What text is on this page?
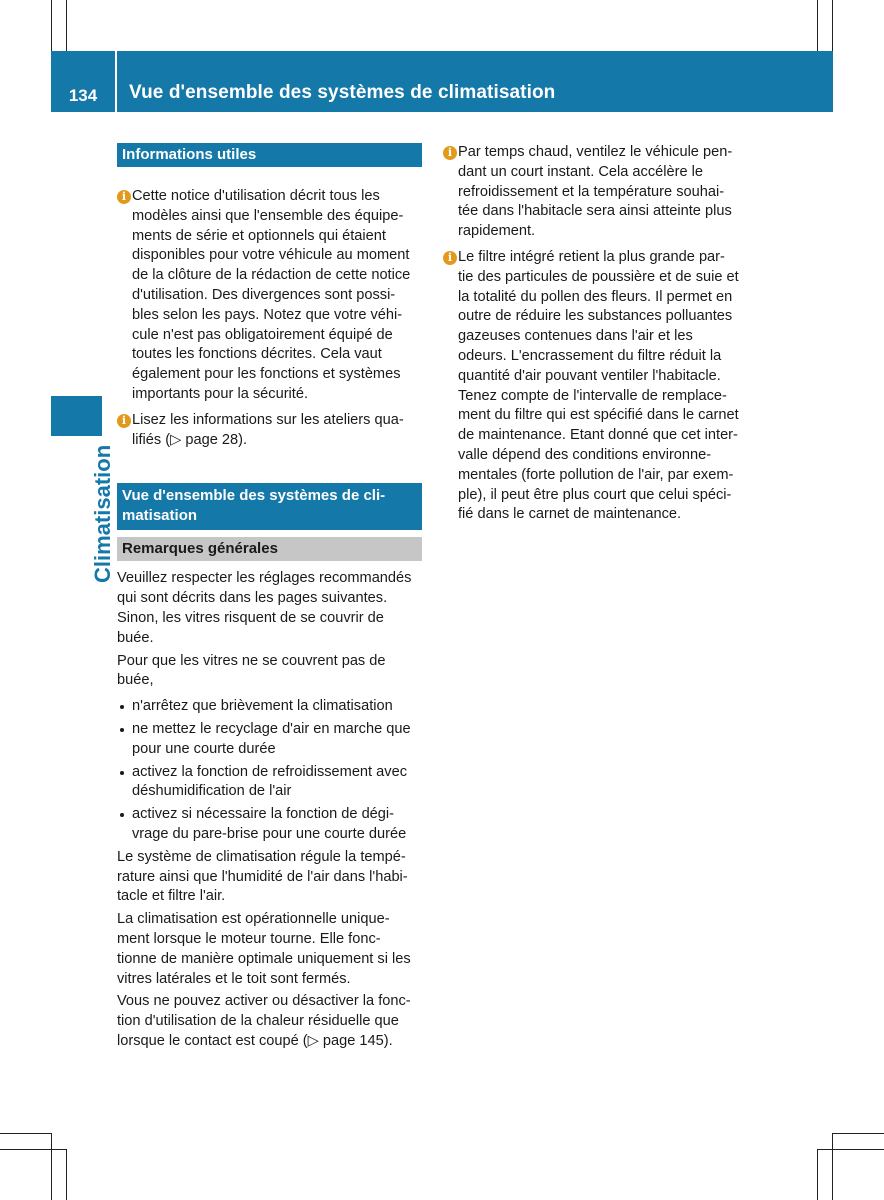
134	Vue d'ensemble des systèmes de climatisation
Climatisation
Informations utiles
i Cette notice d'utilisation décrit tous les
modèles ainsi que l'ensemble des équipe-
ments de série et optionnels qui étaient
disponibles pour votre véhicule au moment
de la clôture de la rédaction de cette notice
d'utilisation. Des divergences sont possi-
bles selon les pays. Notez que votre véhi-
cule n'est pas obligatoirement équipé de
toutes les fonctions décrites. Cela vaut
également pour les fonctions et systèmes
importants pour la sécurité.
i Lisez les informations sur les ateliers qua-
lifiés (▷ page 28).
Vue d'ensemble des systèmes de cli-
matisation
Remarques générales

Veuillez respecter les réglages recommandés
qui sont décrits dans les pages suivantes.
Sinon, les vitres risquent de se couvrir de
buée.

Pour que les vitres ne se couvrent pas de
buée,

n'arrêtez que brièvement la climatisation
ne mettez le recyclage d'air en marche que
pour une courte durée
activez la fonction de refroidissement avec
déshumidification de l'air
activez si nécessaire la fonction de dégi-
vrage du pare-brise pour une courte durée

Le système de climatisation régule la tempé-
rature ainsi que l'humidité de l'air dans l'habi-
tacle et filtre l'air.

La climatisation est opérationnelle unique-
ment lorsque le moteur tourne. Elle fonc-
tionne de manière optimale uniquement si les
vitres latérales et le toit sont fermés.

Vous ne pouvez activer ou désactiver la fonc-
tion d'utilisation de la chaleur résiduelle que
lorsque le contact est coupé (▷ page 145).

i Par temps chaud, ventilez le véhicule pen-
dant un court instant. Cela accélère le
refroidissement et la température souhai-
tée dans l'habitacle sera ainsi atteinte plus
rapidement.
i Le filtre intégré retient la plus grande par-
tie des particules de poussière et de suie et
la totalité du pollen des fleurs. Il permet en
outre de réduire les substances polluantes
gazeuses contenues dans l'air et les
odeurs. L'encrassement du filtre réduit la
quantité d'air pouvant ventiler l'habitacle.
Tenez compte de l'intervalle de remplace-
ment du filtre qui est spécifié dans le carnet
de maintenance. Etant donné que cet inter-
valle dépend des conditions environne-
mentales (forte pollution de l'air, par exem-
ple), il peut être plus court que celui spéci-
fié dans le carnet de maintenance.
